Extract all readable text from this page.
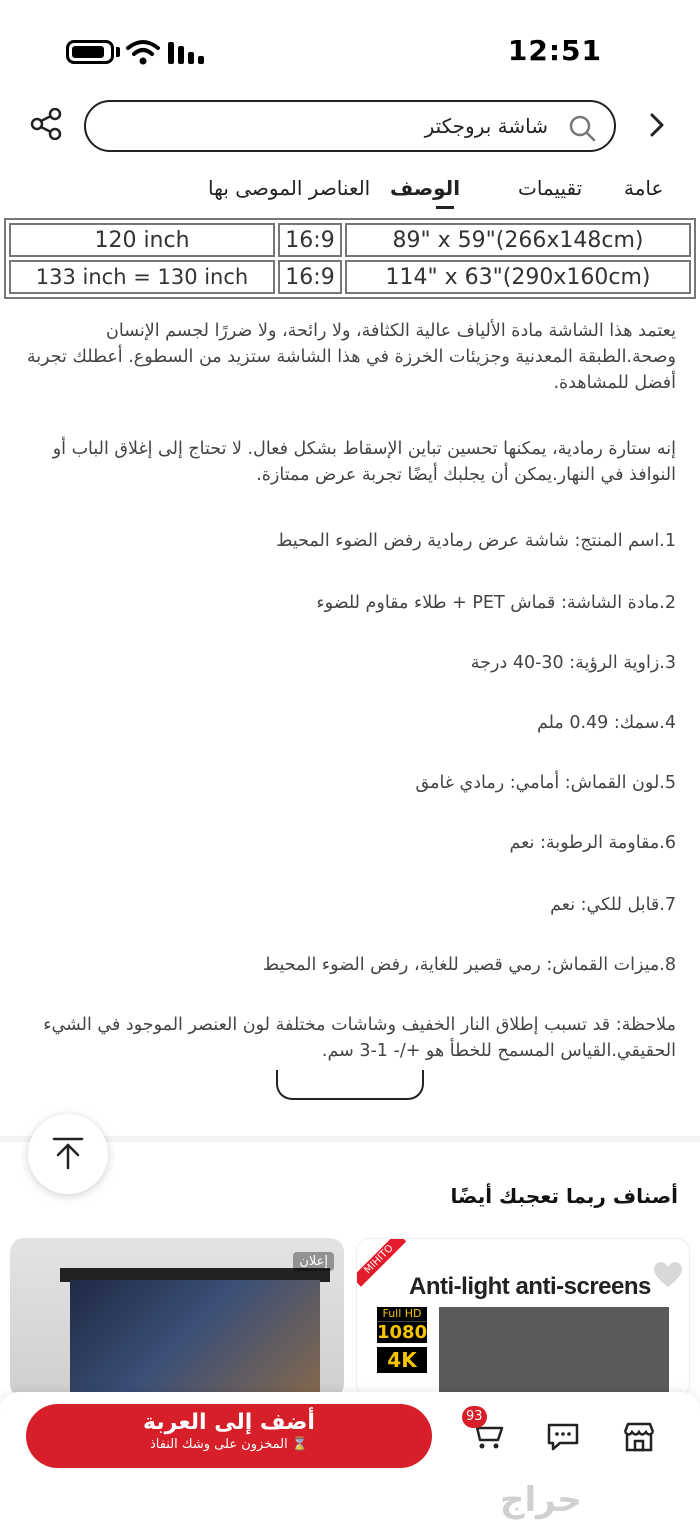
12:51
شاشة بروجكتر
عامة
تقييمات
الوصف
العناصر الموصى بها
120 inch	16:9	89" x 59"(266x148cm)
133 inch = 130 inch	16:9	114" x 63"(290x160cm)

يعتمد هذا الشاشة مادة الألياف عالية الكثافة، ولا رائحة، ولا ضررًا لجسم الإنسان وصحة.الطبقة المعدنية وجزيئات الخرزة في هذا الشاشة ستزيد من السطوع. أعطلك تجربة أفضل للمشاهدة.

إنه ستارة رمادية، يمكنها تحسين تباين الإسقاط بشكل فعال. لا تحتاج إلى إغلاق الباب أو النوافذ في النهار.يمكن أن يجلبك أيضًا تجربة عرض ممتازة.

1.اسم المنتج: شاشة عرض رمادية رفض الضوء المحيط

2.مادة الشاشة: قماش PET + طلاء مقاوم للضوء

3.زاوية الرؤية: 30-40 درجة

4.سمك: 0.49 ملم

5.لون القماش: أمامي: رمادي غامق

6.مقاومة الرطوبة: نعم

7.قابل للكي: نعم

8.ميزات القماش: رمي قصير للغاية، رفض الضوء المحيط

ملاحظة: قد تسبب إطلاق النار الخفيف وشاشات مختلفة لون العنصر الموجود في الشيء الحقيقي.القياس المسمح للخطأ هو +/- 1-3 سم.

أصناف ربما تعجبك أيضًا
إعلان	MIHITO
Anti-light anti-screens
Full HD
1080
4K
أضف إلى العربة
⌛ المخزون على وشك النفاذ
93
حراج
